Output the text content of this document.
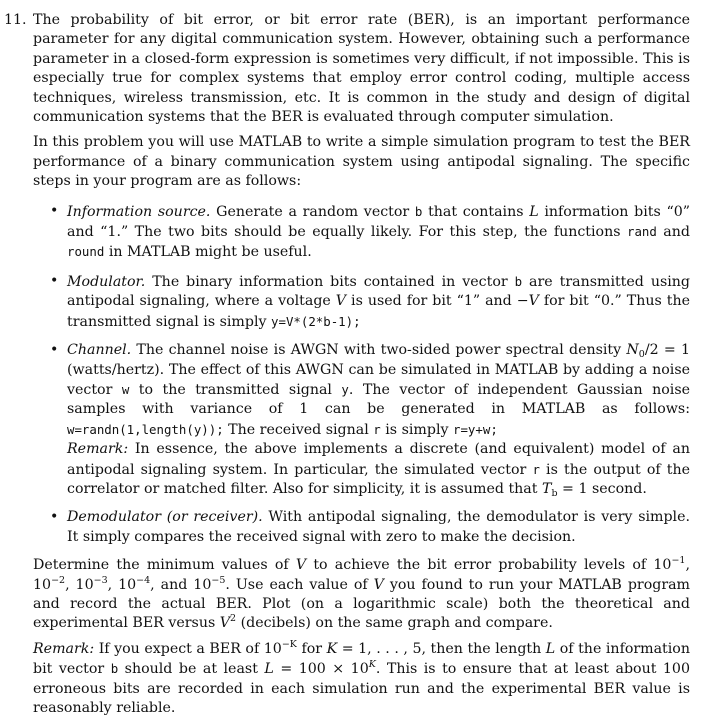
11. The probability of bit error, or bit error rate (BER), is an important performance parameter for any digital communication system. However, obtaining such a performance parameter in a closed-form expression is sometimes very difficult, if not impossible. This is especially true for complex systems that employ error control coding, multiple access techniques, wireless transmission, etc. It is common in the study and design of digital communication systems that the BER is evaluated through computer simulation.

In this problem you will use MATLAB to write a simple simulation program to test the BER performance of a binary communication system using antipodal signaling. The specific steps in your program are as follows:

• Information source. Generate a random vector b that contains L information bits “0” and “1.” The two bits should be equally likely. For this step, the functions rand and round in MATLAB might be useful.
• Modulator. The binary information bits contained in vector b are transmitted using antipodal signaling, where a voltage V is used for bit “1” and −V for bit “0.” Thus the transmitted signal is simply y=V*(2*b-1);
• Channel. The channel noise is AWGN with two-sided power spectral density $N_0/2 = 1$ (watts/hertz). The effect of this AWGN can be simulated in MATLAB by adding a noise vector w to the transmitted signal y. The vector of independent Gaussian noise samples with variance of 1 can be generated in MATLAB as follows: w=randn(1,length(y)); The received signal r is simply r=y+w;
Remark: In essence, the above implements a discrete (and equivalent) model of an antipodal signaling system. In particular, the simulated vector r is the output of the correlator or matched filter. Also for simplicity, it is assumed that $T_b = 1$ second.
• Demodulator (or receiver). With antipodal signaling, the demodulator is very simple. It simply compares the received signal with zero to make the decision.

Determine the minimum values of V to achieve the bit error probability levels of $10^{-1}$, $10^{-2}$, $10^{-3}$, $10^{-4}$, and $10^{-5}$. Use each value of V you found to run your MATLAB program and record the actual BER. Plot (on a logarithmic scale) both the theoretical and experimental BER versus $V^2$ (decibels) on the same graph and compare.

Remark: If you expect a BER of $10^{-K}$ for K = 1, . . . , 5, then the length L of the information bit vector b should be at least $L = 100 \times 10^K$. This is to ensure that at least about 100 erroneous bits are recorded in each simulation run and the experimental BER value is reasonably reliable.
